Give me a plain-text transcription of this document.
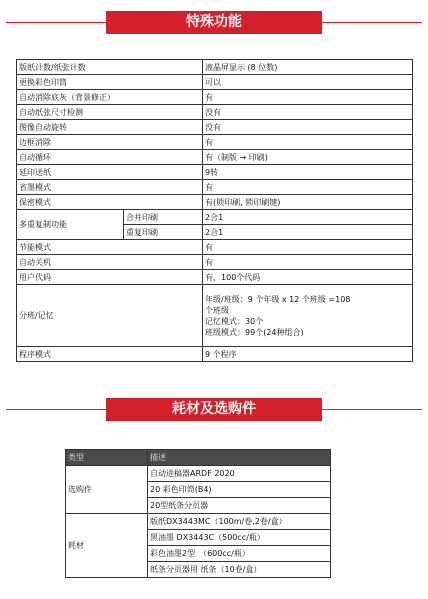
特殊功能
版纸计数/纸张计数		液晶屏显示 (8 位数)
更换彩色印筒		可以
自动消除底灰（背景修正）		有
自动纸张尺寸检测		没有
图像自动旋转		没有
边框消除		有
自动循环		有（制版 → 印刷)
延印送纸		9转
省墨模式		有
保密模式		有(锁印刷, 锁印刷键)
多重复制功能	合并印刷	2合1
	重复印刷	2合1
节能模式		有
自动关机		有
用户代码		有，100个代码
分班/记忆		年级/班级：9 个年级 x 12 个班级 =108
个班级
记忆模式：30个
班级模式：99个(24种组合)

程序模式		9 个程序
耗材及选购件
类型	描述
选购件	自动进稿器ARDF 2020
	20 彩色印筒(B4)
	20型纸条分页器
耗材	版纸DX3443MC（100m/卷,2卷/盒）
	黑油墨 DX3443C（500cc/瓶）
	彩色油墨2型　（600cc/瓶）
	纸条分页器用 纸条（10卷/盒）
